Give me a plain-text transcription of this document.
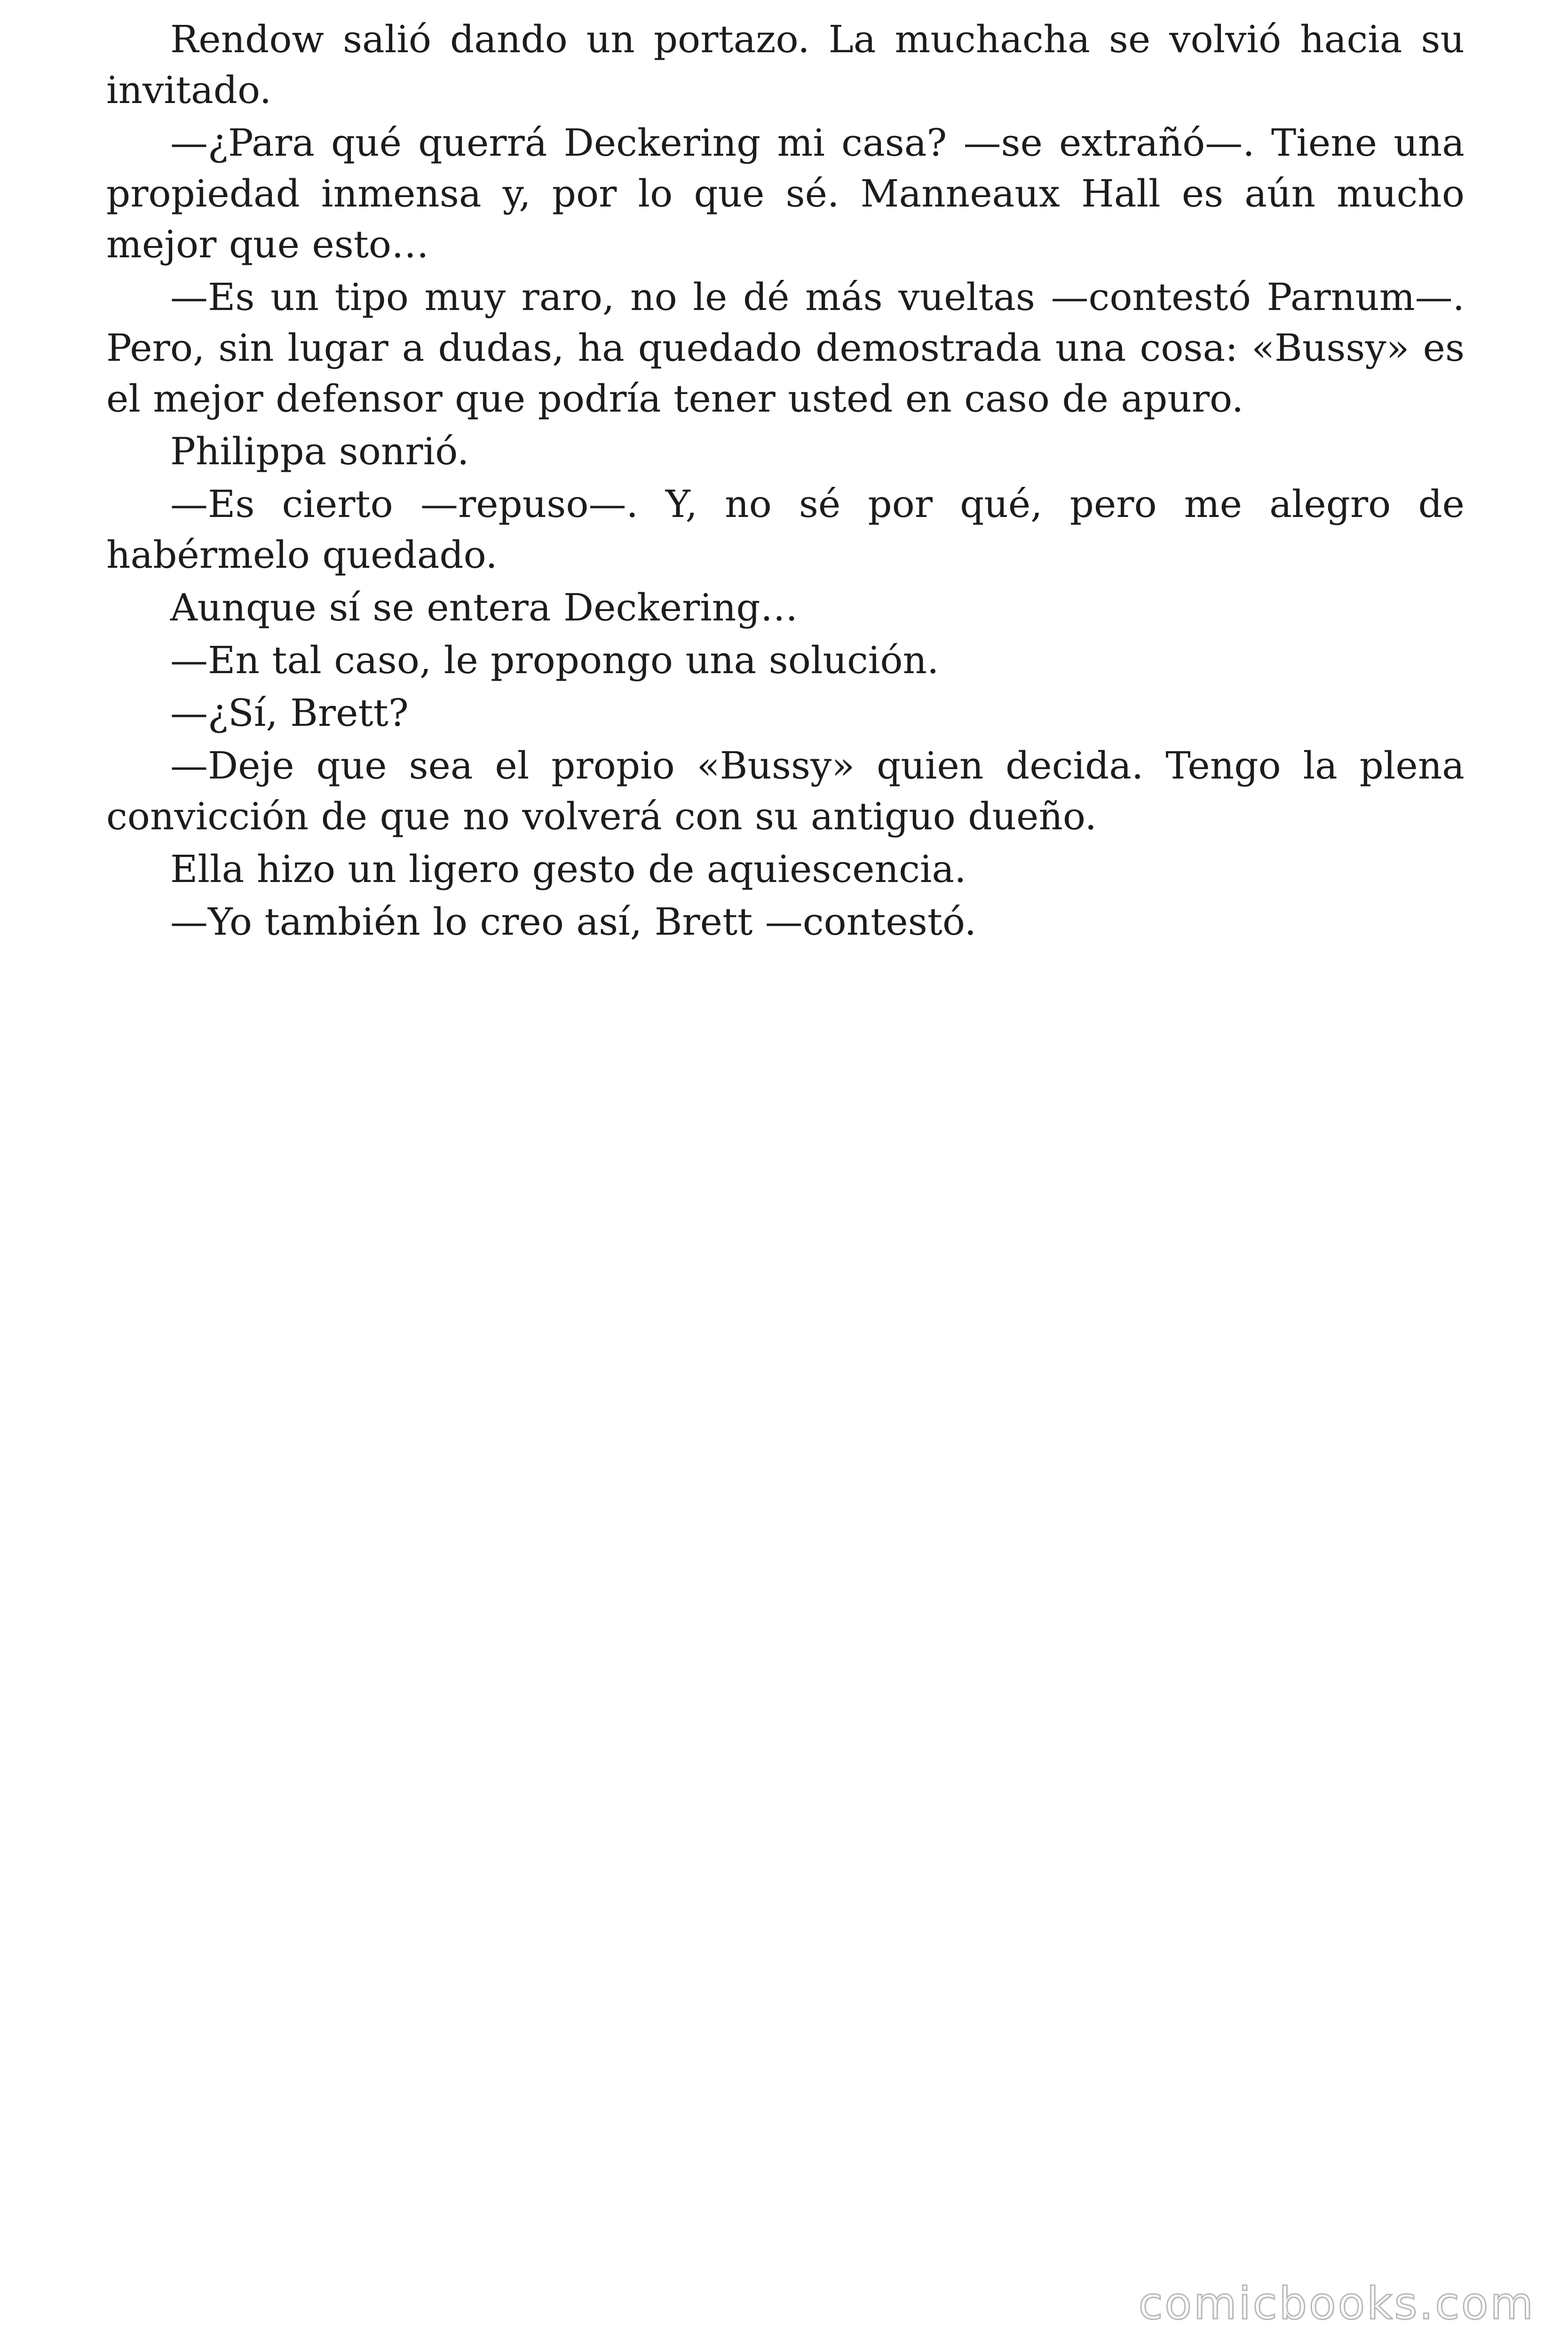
Rendow salió dando un portazo. La muchacha se volvió hacia su invitado.

—¿Para qué querrá Deckering mi casa? —se extrañó—. Tiene una propiedad inmensa y, por lo que sé. Manneaux Hall es aún mucho mejor que esto…

—Es un tipo muy raro, no le dé más vueltas —contestó Parnum—. Pero, sin lugar a dudas, ha quedado demostrada una cosa: «Bussy» es el mejor defensor que podría tener usted en caso de apuro.

Philippa sonrió.

—Es cierto —repuso—. Y, no sé por qué, pero me alegro de habérmelo quedado.

Aunque sí se entera Deckering…

—En tal caso, le propongo una solución.

—¿Sí, Brett?

—Deje que sea el propio «Bussy» quien decida. Tengo la plena convicción de que no volverá con su antiguo dueño.

Ella hizo un ligero gesto de aquiescencia.

—Yo también lo creo así, Brett —contestó.

comicbooks.com
